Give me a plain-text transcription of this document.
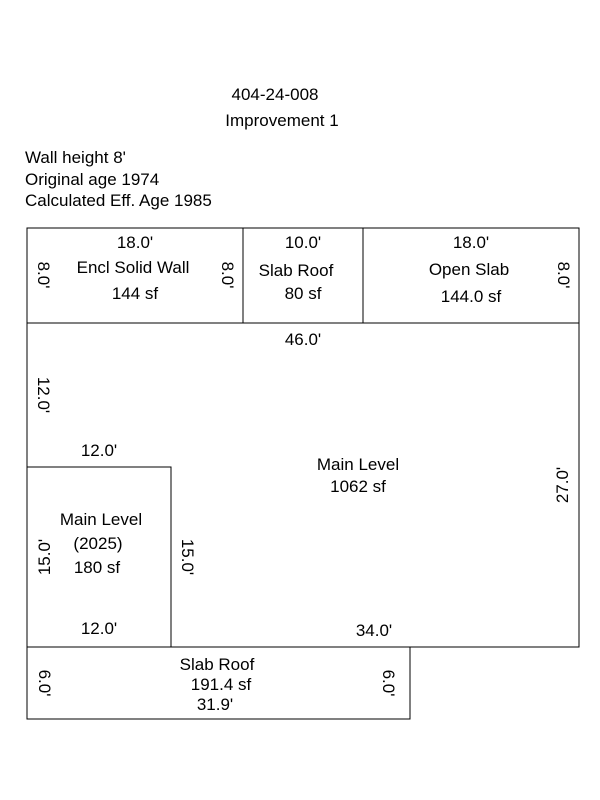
404-24-008
Improvement 1
Wall height 8'
Original age 1974
Calculated Eff. Age 1985
18.0'
Encl Solid Wall
144 sf
8.0'	8.0'
10.0'
Slab Roof
80 sf
18.0'
Open Slab
144.0 sf
8.0'
46.0'
12.0'
12.0'
Main Level
1062 sf	27.0'
34.0'
15.0'
Main Level
(2025)
180 sf
15.0'
12.0'
Slab Roof
191.4 sf
31.9'
6.0'	6.0'
